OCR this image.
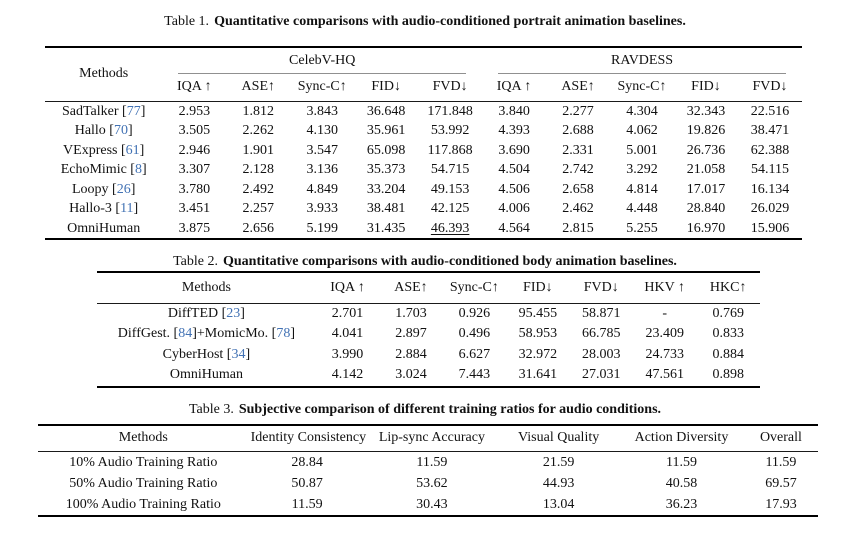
Table 1. Quantitative comparisons with audio-conditioned portrait animation baselines.
Methods	CelebV-HQ					RAVDESS				

	IQA ↑	ASE↑	Sync-C↑	FID↓	FVD↓	IQA ↑	ASE↑	Sync-C↑	FID↓	FVD↓
SadTalker [77]	2.953	1.812	3.843	36.648	171.848	3.840	2.277	4.304	32.343	22.516
Hallo [70]	3.505	2.262	4.130	35.961	53.992	4.393	2.688	4.062	19.826	38.471
VExpress [61]	2.946	1.901	3.547	65.098	117.868	3.690	2.331	5.001	26.736	62.388
EchoMimic [8]	3.307	2.128	3.136	35.373	54.715	4.504	2.742	3.292	21.058	54.115
Loopy [26]	3.780	2.492	4.849	33.204	49.153	4.506	2.658	4.814	17.017	16.134
Hallo-3 [11]	3.451	2.257	3.933	38.481	42.125	4.006	2.462	4.448	28.840	26.029
OmniHuman	3.875	2.656	5.199	31.435	46.393	4.564	2.815	5.255	16.970	15.906
Table 2. Quantitative comparisons with audio-conditioned body animation baselines.
Methods	IQA ↑	ASE↑	Sync-C↑	FID↓	FVD↓	HKV ↑	HKC↑
DiffTED [23]	2.701	1.703	0.926	95.455	58.871	-	0.769
DiffGest. [84]+MomicMo. [78]	4.041	2.897	0.496	58.953	66.785	23.409	0.833
CyberHost [34]	3.990	2.884	6.627	32.972	28.003	24.733	0.884
OmniHuman	4.142	3.024	7.443	31.641	27.031	47.561	0.898
Table 3. Subjective comparison of different training ratios for audio conditions.
Methods	Identity Consistency	Lip-sync Accuracy	Visual Quality	Action Diversity	Overall
10% Audio Training Ratio	28.84	11.59	21.59	11.59	11.59
50% Audio Training Ratio	50.87	53.62	44.93	40.58	69.57
100% Audio Training Ratio	11.59	30.43	13.04	36.23	17.93
